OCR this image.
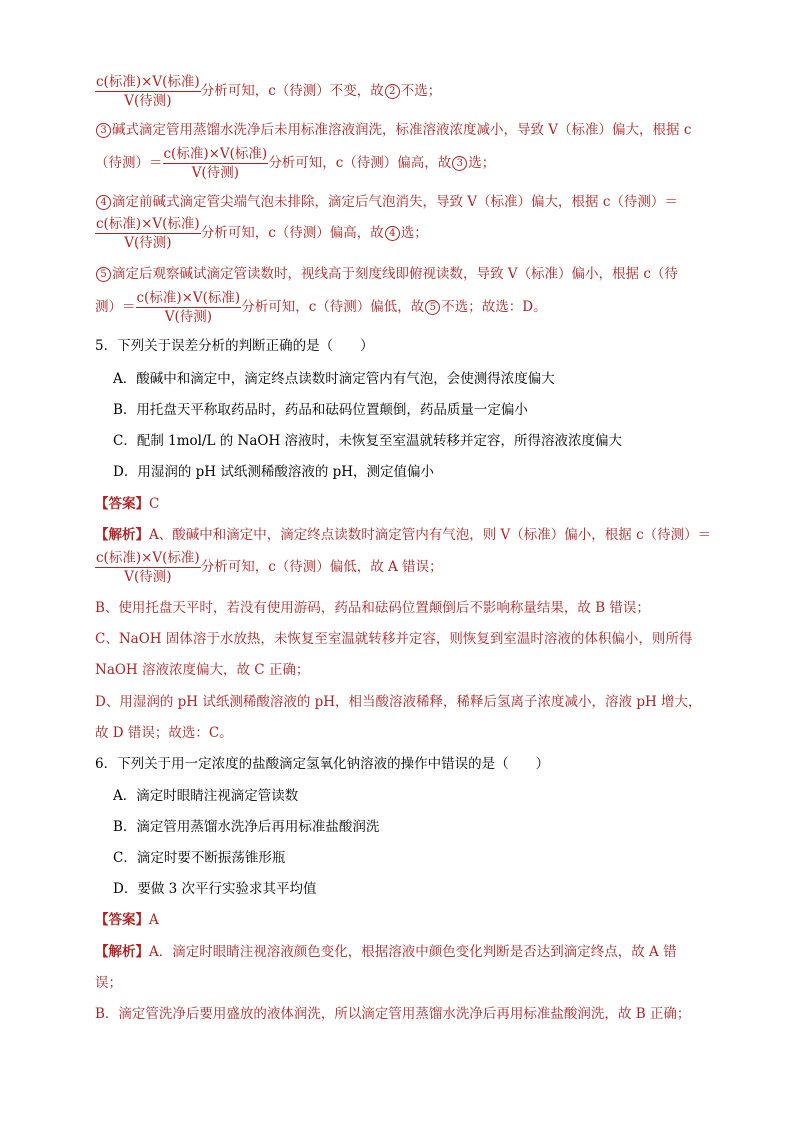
$\frac{\text{c(标准)×V(标准)}}{\text{V(待测)}}$ 分析可知，c（待测）不变，故 2 不选；
3 碱式滴定管用蒸馏水洗净后未用标准溶液润洗，标准溶液浓度减小，导致 V（标准）偏大，根据 c
（待测）＝ $\frac{\text{c(标准)×V(标准)}}{\text{V(待测)}}$ 分析可知，c（待测）偏高，故 3 选；
4 滴定前碱式滴定管尖端气泡未排除，滴定后气泡消失，导致 V（标准）偏大，根据 c（待测）＝
$\frac{\text{c(标准)×V(标准)}}{\text{V(待测)}}$ 分析可知，c（待测）偏高，故 4 选；
5 滴定后观察碱试滴定管读数时，视线高于刻度线即俯视读数，导致 V（标准）偏小，根据 c（待
测）＝ $\frac{\text{c(标准)×V(标准)}}{\text{V(待测)}}$ 分析可知，c（待测）偏低，故 5 不选；故选：D。
5．下列关于误差分析的判断正确的是（　　）
A．酸碱中和滴定中，滴定终点读数时滴定管内有气泡，会使测得浓度偏大
B．用托盘天平称取药品时，药品和砝码位置颠倒，药品质量一定偏小
C．配制 1mol/L 的 NaOH 溶液时，未恢复至室温就转移并定容，所得溶液浓度偏大
D．用湿润的 pH 试纸测稀酸溶液的 pH，测定值偏小
【答案】C
【解析】A、酸碱中和滴定中，滴定终点读数时滴定管内有气泡，则 V（标准）偏小，根据 c（待测）＝
$\frac{\text{c(标准)×V(标准)}}{\text{V(待测)}}$ 分析可知，c（待测）偏低，故 A 错误；
B、使用托盘天平时，若没有使用游码，药品和砝码位置颠倒后不影响称量结果，故 B 错误；
C、NaOH 固体溶于水放热，未恢复至室温就转移并定容，则恢复到室温时溶液的体积偏小，则所得
NaOH 溶液浓度偏大，故 C 正确；
D、用湿润的 pH 试纸测稀酸溶液的 pH，相当酸溶液稀释，稀释后氢离子浓度减小，溶液 pH 增大，
故 D 错误；故选：C。
6．下列关于用一定浓度的盐酸滴定氢氧化钠溶液的操作中错误的是（　　）
A．滴定时眼睛注视滴定管读数
B．滴定管用蒸馏水洗净后再用标准盐酸润洗
C．滴定时要不断振荡锥形瓶
D．要做 3 次平行实验求其平均值
【答案】A
【解析】A．滴定时眼睛注视溶液颜色变化，根据溶液中颜色变化判断是否达到滴定终点，故 A 错
误；
B．滴定管洗净后要用盛放的液体润洗，所以滴定管用蒸馏水洗净后再用标准盐酸润洗，故 B 正确；
